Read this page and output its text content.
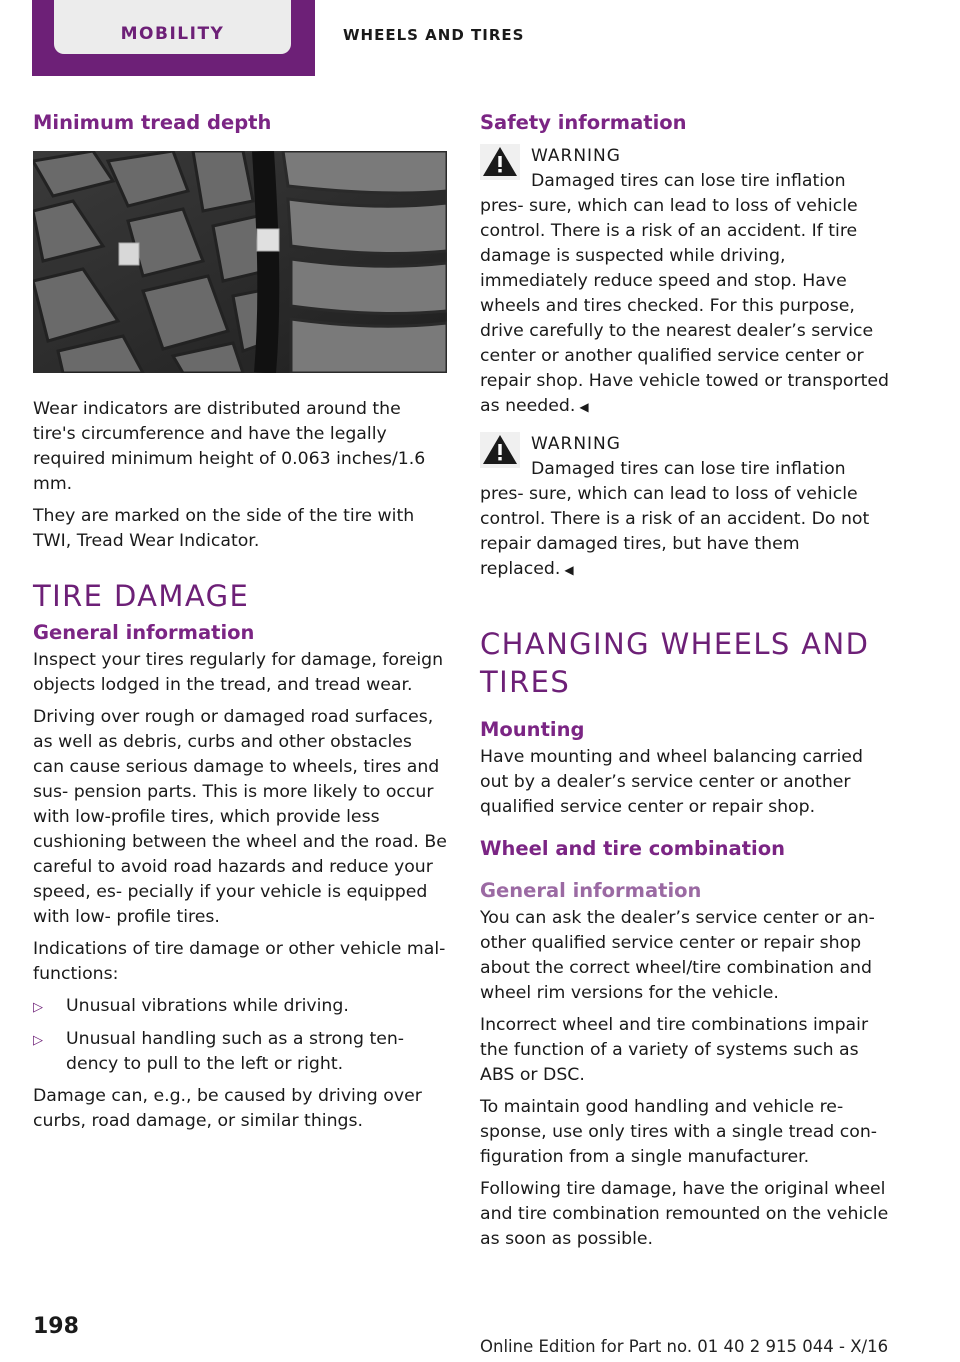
MOBILITY	WHEELS AND TIRES
Minimum tread depth

Wear indicators are distributed around the tire's circumference and have the legally required minimum height of 0.063 inches/1.6 mm.

They are marked on the side of the tire with TWI, Tread Wear Indicator.

TIRE DAMAGE
General information

Inspect your tires regularly for damage, foreign objects lodged in the tread, and tread wear.

Driving over rough or damaged road surfaces, as well as debris, curbs and other obstacles can cause serious damage to wheels, tires and sus‐ pension parts. This is more likely to occur with low-profile tires, which provide less cushioning between the wheel and the road. Be careful to avoid road hazards and reduce your speed, es‐ pecially if your vehicle is equipped with low- profile tires.

Indications of tire damage or other vehicle mal‐ functions:

▷	Unusual vibrations while driving.
▷	Unusual handling such as a strong ten‐ dency to pull to the left or right.

Damage can, e.g., be caused by driving over curbs, road damage, or similar things.

Safety information

WARNING

Damaged tires can lose tire inflation pres‐ sure, which can lead to loss of vehicle control. There is a risk of an accident. If tire damage is suspected while driving, immediately reduce speed and stop. Have wheels and tires checked. For this purpose, drive carefully to the nearest dealer’s service center or another qualified service center or repair shop. Have vehicle towed or transported as needed. ◀

WARNING

Damaged tires can lose tire inflation pres‐ sure, which can lead to loss of vehicle control. There is a risk of an accident. Do not repair damaged tires, but have them replaced. ◀

CHANGING WHEELS AND
TIRES
Mounting

Have mounting and wheel balancing carried out by a dealer’s service center or another qualified service center or repair shop.

Wheel and tire combination
General information

You can ask the dealer’s service center or an‐ other qualified service center or repair shop about the correct wheel/tire combination and wheel rim versions for the vehicle.

Incorrect wheel and tire combinations impair the function of a variety of systems such as ABS or DSC.

To maintain good handling and vehicle re‐ sponse, use only tires with a single tread con‐ figuration from a single manufacturer.

Following tire damage, have the original wheel and tire combination remounted on the vehicle as soon as possible.

198
Online Edition for Part no. 01 40 2 915 044 - X/16
